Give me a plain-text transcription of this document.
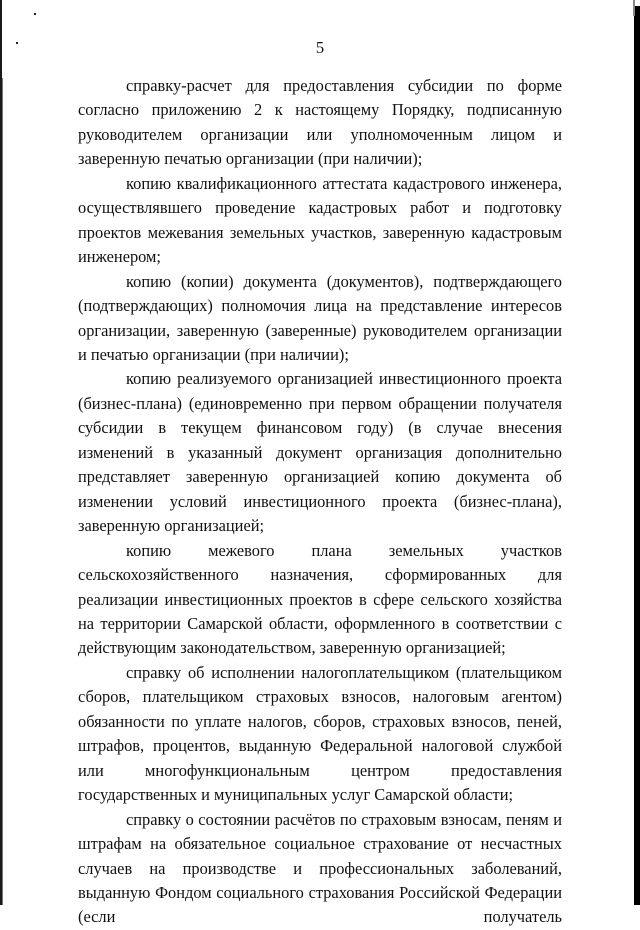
5

справку-расчет для предоставления субсидии по форме согласно приложению 2 к настоящему Порядку, подписанную руководителем организации или уполномоченным лицом и заверенную печатью организации (при наличии);

копию квалификационного аттестата кадастрового инженера, осуществлявшего проведение кадастровых работ и подготовку проектов межевания земельных участков, заверенную кадастровым инженером;

копию (копии) документа (документов), подтверждающего (подтверждающих) полномочия лица на представление интересов организации, заверенную (заверенные) руководителем организации и печатью организации (при наличии);

копию реализуемого организацией инвестиционного проекта (бизнес-плана) (единовременно при первом обращении получателя субсидии в текущем финансовом году) (в случае внесения изменений в указанный документ организация дополнительно представляет заверенную организацией копию документа об изменении условий инвестиционного проекта (бизнес-плана), заверенную организацией;

копию межевого плана земельных участков сельскохозяйственного назначения, сформированных для реализации инвестиционных проектов в сфере сельского хозяйства на территории Самарской области, оформленного в соответствии с действующим законодательством, заверенную организацией;

справку об исполнении налогоплательщиком (плательщиком сборов, плательщиком страховых взносов, налоговым агентом) обязанности по уплате налогов, сборов, страховых взносов, пеней, штрафов, процентов, выданную Федеральной налоговой службой или многофункциональным центром предоставления государственных и муниципальных услуг Самарской области;

справку о состоянии расчётов по страховым взносам, пеням и штрафам на обязательное социальное страхование от несчастных случаев на производстве и профессиональных заболеваний, выданную Фондом социального страхования Российской Федерации (если получатель
